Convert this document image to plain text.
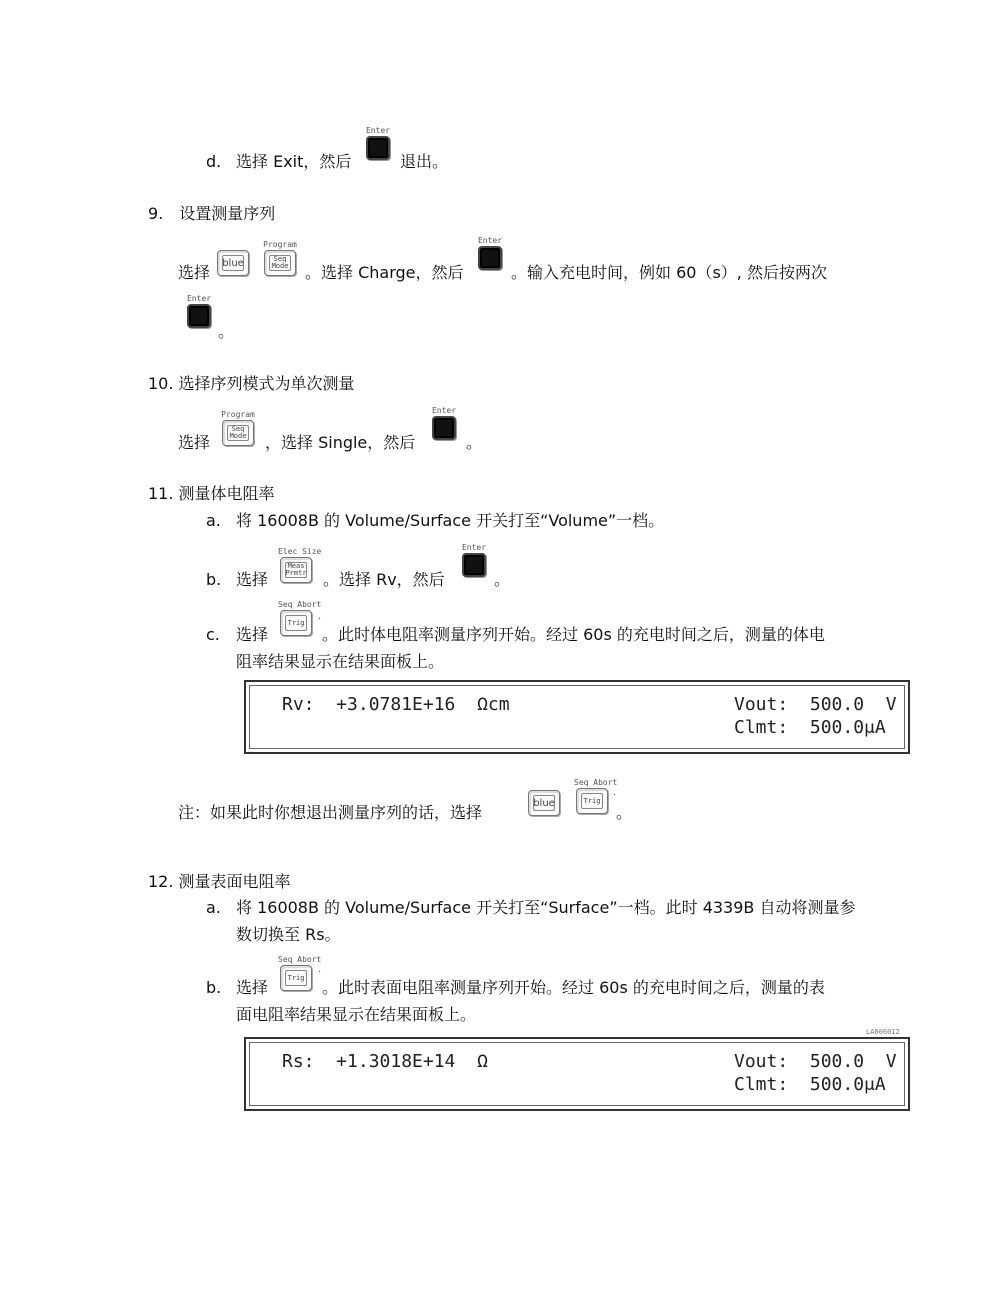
d. 选择 Exit，然后
Enter
退出。
9.　设置测量序列
选择 blue
Program
Seq
Mode 。选择 Charge，然后
Enter
。输入充电时间，例如 60（s）, 然后按两次
Enter
。
10. 选择序列模式为单次测量
选择
Program
Seq
Mode ，选择 Single，然后
Enter
。
11. 测量体电阻率
a. 将 16008B 的 Volume/Surface 开关打至“Volume”一档。
b. 选择
Elec Size
Meas
Prmtr 。选择 Rv，然后
Enter
。
c. 选择
Seq Abort
Trig ·
。此时体电阻率测量序列开始。经过 60s 的充电时间之后，测量的体电
阻率结果显示在结果面板上。
Rv:  +3.0781E+16  Ωcm	Vout:  500.0  V
Clmt:  500.0μA
注：如果此时你想退出测量序列的话，选择	blue
Seq Abort
Trig ·
。
12. 测量表面电阻率
a. 将 16008B 的 Volume/Surface 开关打至“Surface”一档。此时 4339B 自动将测量参
数切换至 Rs。
b. 选择
Seq Abort
Trig ·
。此时表面电阻率测量序列开始。经过 60s 的充电时间之后，测量的表
面电阻率结果显示在结果面板上。
LA006012
Rs:  +1.3018E+14  Ω	Vout:  500.0  V
Clmt:  500.0μA
